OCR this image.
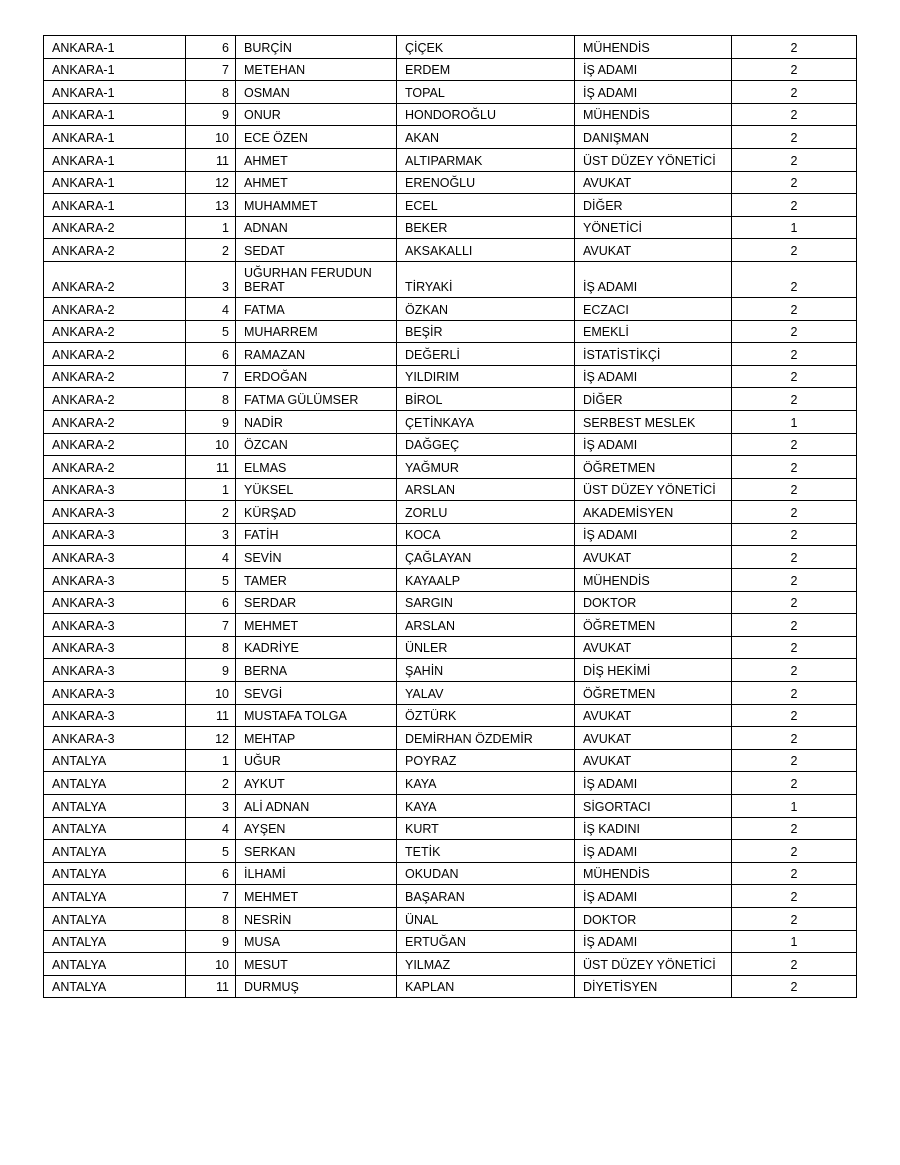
ANKARA-1	6	BURÇİN	ÇİÇEK	MÜHENDİS	2
ANKARA-1	7	METEHAN	ERDEM	İŞ ADAMI	2
ANKARA-1	8	OSMAN	TOPAL	İŞ ADAMI	2
ANKARA-1	9	ONUR	HONDOROĞLU	MÜHENDİS	2
ANKARA-1	10	ECE ÖZEN	AKAN	DANIŞMAN	2
ANKARA-1	11	AHMET	ALTIPARMAK	ÜST DÜZEY YÖNETİCİ	2
ANKARA-1	12	AHMET	ERENOĞLU	AVUKAT	2
ANKARA-1	13	MUHAMMET	ECEL	DİĞER	2
ANKARA-2	1	ADNAN	BEKER	YÖNETİCİ	1
ANKARA-2	2	SEDAT	AKSAKALLI	AVUKAT	2
ANKARA-2	3	UĞURHAN FERUDUN BERAT	TİRYAKİ	İŞ ADAMI	2
ANKARA-2	4	FATMA	ÖZKAN	ECZACI	2
ANKARA-2	5	MUHARREM	BEŞİR	EMEKLİ	2
ANKARA-2	6	RAMAZAN	DEĞERLİ	İSTATİSTİKÇİ	2
ANKARA-2	7	ERDOĞAN	YILDIRIM	İŞ ADAMI	2
ANKARA-2	8	FATMA GÜLÜMSER	BİROL	DİĞER	2
ANKARA-2	9	NADİR	ÇETİNKAYA	SERBEST MESLEK	1
ANKARA-2	10	ÖZCAN	DAĞGEÇ	İŞ ADAMI	2
ANKARA-2	11	ELMAS	YAĞMUR	ÖĞRETMEN	2
ANKARA-3	1	YÜKSEL	ARSLAN	ÜST DÜZEY YÖNETİCİ	2
ANKARA-3	2	KÜRŞAD	ZORLU	AKADEMİSYEN	2
ANKARA-3	3	FATİH	KOCA	İŞ ADAMI	2
ANKARA-3	4	SEVİN	ÇAĞLAYAN	AVUKAT	2
ANKARA-3	5	TAMER	KAYAALP	MÜHENDİS	2
ANKARA-3	6	SERDAR	SARGIN	DOKTOR	2
ANKARA-3	7	MEHMET	ARSLAN	ÖĞRETMEN	2
ANKARA-3	8	KADRİYE	ÜNLER	AVUKAT	2
ANKARA-3	9	BERNA	ŞAHİN	DİŞ HEKİMİ	2
ANKARA-3	10	SEVGİ	YALAV	ÖĞRETMEN	2
ANKARA-3	11	MUSTAFA TOLGA	ÖZTÜRK	AVUKAT	2
ANKARA-3	12	MEHTAP	DEMİRHAN ÖZDEMİR	AVUKAT	2
ANTALYA	1	UĞUR	POYRAZ	AVUKAT	2
ANTALYA	2	AYKUT	KAYA	İŞ ADAMI	2
ANTALYA	3	ALİ ADNAN	KAYA	SİGORTACI	1
ANTALYA	4	AYŞEN	KURT	İŞ KADINI	2
ANTALYA	5	SERKAN	TETİK	İŞ ADAMI	2
ANTALYA	6	İLHAMİ	OKUDAN	MÜHENDİS	2
ANTALYA	7	MEHMET	BAŞARAN	İŞ ADAMI	2
ANTALYA	8	NESRİN	ÜNAL	DOKTOR	2
ANTALYA	9	MUSA	ERTUĞAN	İŞ ADAMI	1
ANTALYA	10	MESUT	YILMAZ	ÜST DÜZEY YÖNETİCİ	2
ANTALYA	11	DURMUŞ	KAPLAN	DİYETİSYEN	2
